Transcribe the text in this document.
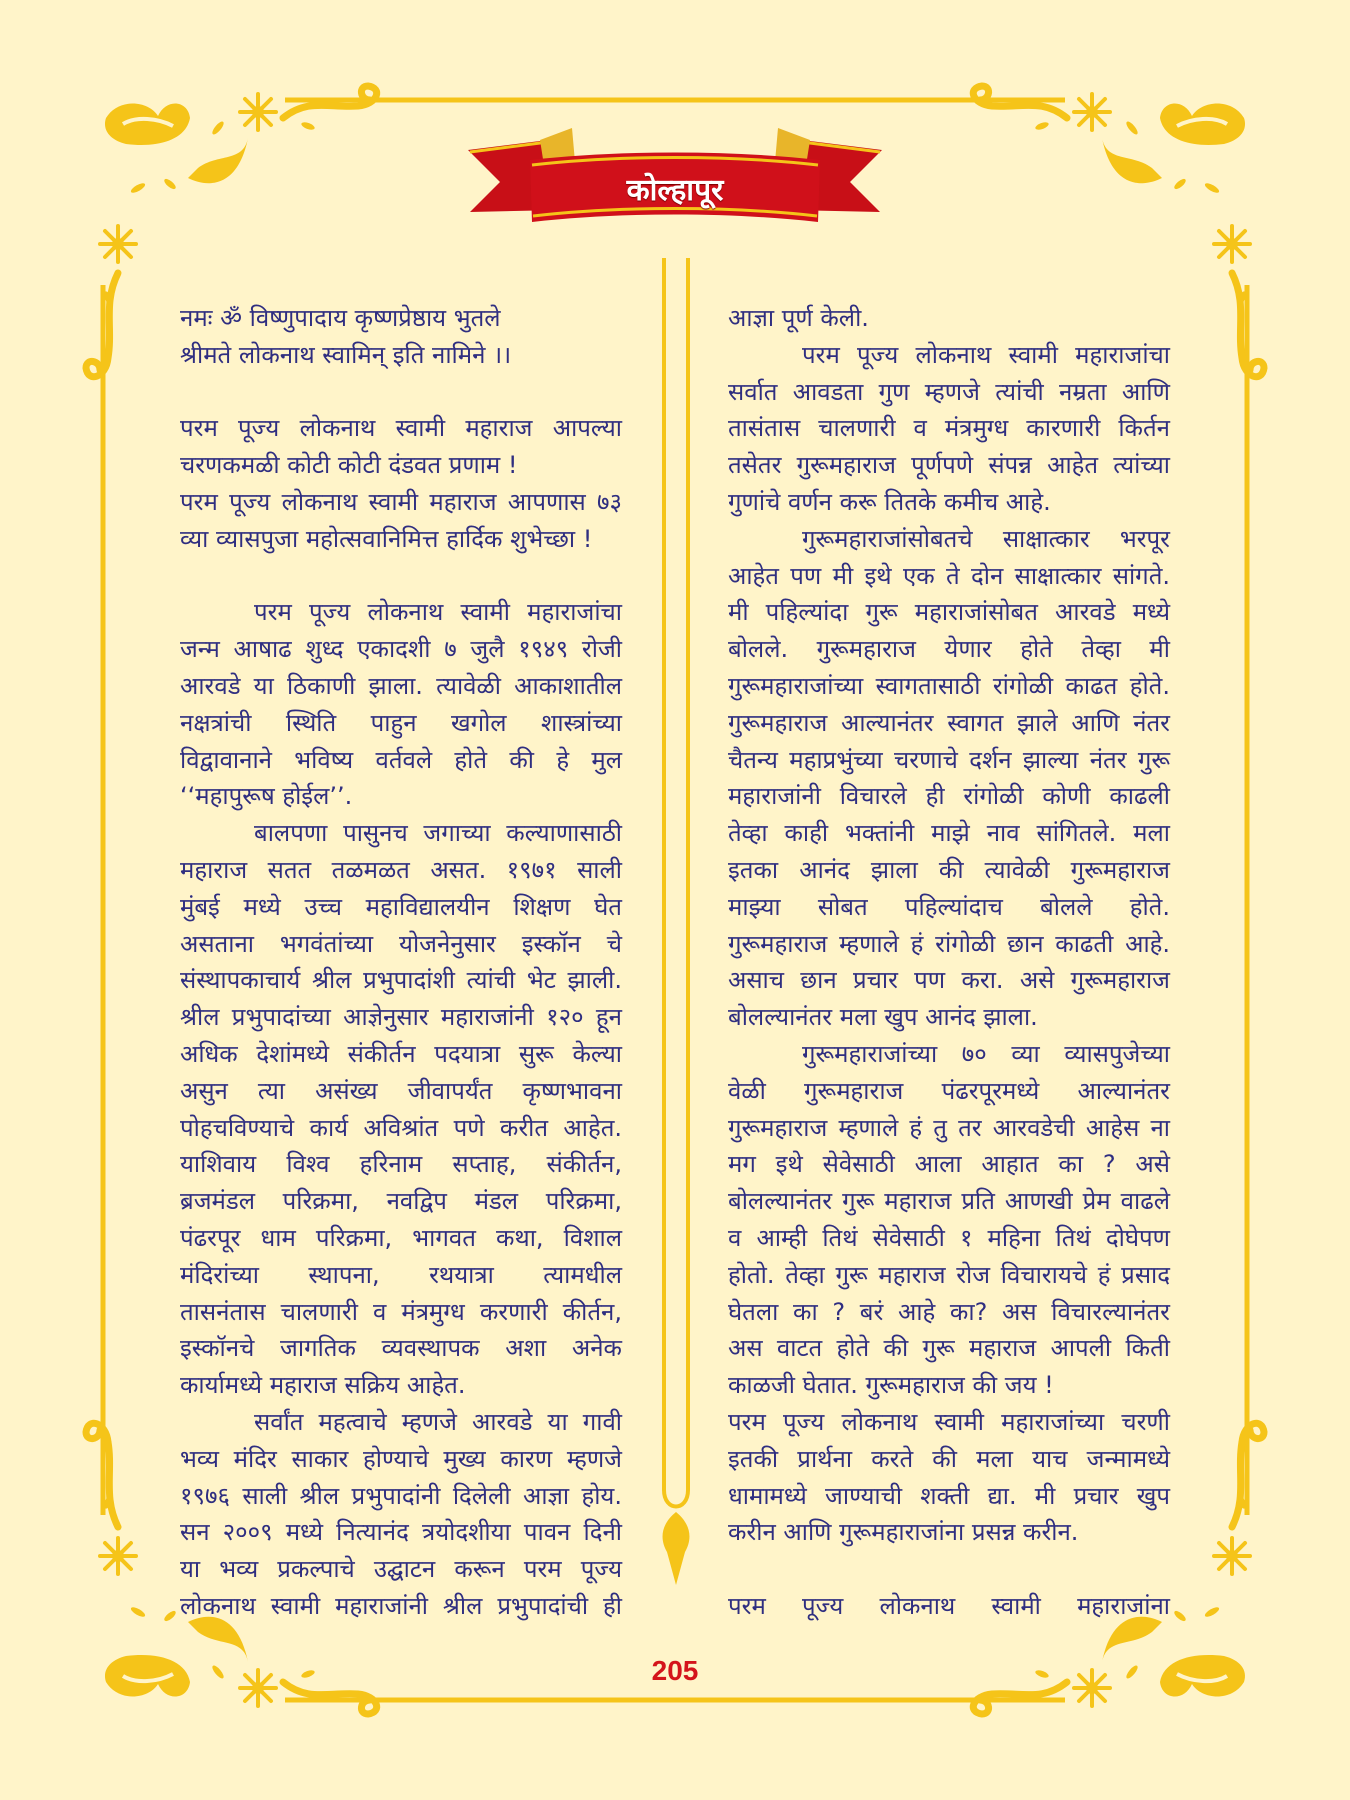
कोल्हापूर
नमः ॐ विष्णुपादाय कृष्णप्रेष्ठाय भुतले
श्रीमते लोकनाथ स्वामिन् इति नामिने ।।
परम पूज्य लोकनाथ स्वामी महाराज आपल्या
चरणकमळी कोटी कोटी दंडवत प्रणाम !
परम पूज्य लोकनाथ स्वामी महाराज आपणास ७३
व्या व्यासपुजा महोत्सवानिमित्त हार्दिक शुभेच्छा !
परम पूज्य लोकनाथ स्वामी महाराजांचा
जन्म आषाढ शुध्द एकादशी ७ जुलै १९४९ रोजी
आरवडे या ठिकाणी झाला. त्यावेळी आकाशातील
नक्षत्रांची स्थिति पाहुन खगोल शास्त्रांच्या
विद्वावानाने भविष्य वर्तवले होते की हे मुल
‘‘महापुरूष होईल’’.
बालपणा पासुनच जगाच्या कल्याणासाठी
महाराज सतत तळमळत असत. १९७१ साली
मुंबई मध्ये उच्च महाविद्यालयीन शिक्षण घेत
असताना भगवंतांच्या योजनेनुसार इस्कॉन चे
संस्थापकाचार्य श्रील प्रभुपादांशी त्यांची भेट झाली.
श्रील प्रभुपादांच्या आज्ञेनुसार महाराजांनी १२० हून
अधिक देशांमध्ये संकीर्तन पदयात्रा सुरू केल्या
असुन त्या असंख्य जीवापर्यंत कृष्णभावना
पोहचविण्याचे कार्य अविश्रांत पणे करीत आहेत.
याशिवाय विश्व हरिनाम सप्ताह, संकीर्तन,
ब्रजमंडल परिक्रमा, नवद्विप मंडल परिक्रमा,
पंढरपूर धाम परिक्रमा, भागवत कथा, विशाल
मंदिरांच्या स्थापना, रथयात्रा त्यामधील
तासनंतास चालणारी व मंत्रमुग्ध करणारी कीर्तन,
इस्कॉनचे जागतिक व्यवस्थापक अशा अनेक
कार्यामध्ये महाराज सक्रिय आहेत.
सर्वांत महत्वाचे म्हणजे आरवडे या गावी
भव्य मंदिर साकार होण्याचे मुख्य कारण म्हणजे
१९७६ साली श्रील प्रभुपादांनी दिलेली आज्ञा होय.
सन २००९ मध्ये नित्यानंद त्रयोदशीया पावन दिनी
या भव्य प्रकल्पाचे उद्घाटन करून परम पूज्य
लोकनाथ स्वामी महाराजांनी श्रील प्रभुपादांची ही
आज्ञा पूर्ण केली.
परम पूज्य लोकनाथ स्वामी महाराजांचा
सर्वात आवडता गुण म्हणजे त्यांची नम्रता आणि
तासंतास चालणारी व मंत्रमुग्ध कारणारी किर्तन
तसेतर गुरूमहाराज पूर्णपणे संपन्न आहेत त्यांच्या
गुणांचे वर्णन करू तितके कमीच आहे.
गुरूमहाराजांसोबतचे साक्षात्कार भरपूर
आहेत पण मी इथे एक ते दोन साक्षात्कार सांगते.
मी पहिल्यांदा गुरू महाराजांसोबत आरवडे मध्ये
बोलले. गुरूमहाराज येणार होते तेव्हा मी
गुरूमहाराजांच्या स्वागतासाठी रांगोळी काढत होते.
गुरूमहाराज आल्यानंतर स्वागत झाले आणि नंतर
चैतन्य महाप्रभुंच्या चरणाचे दर्शन झाल्या नंतर गुरू
महाराजांनी विचारले ही रांगोळी कोणी काढली
तेव्हा काही भक्तांनी माझे नाव सांगितले. मला
इतका आनंद झाला की त्यावेळी गुरूमहाराज
माझ्या सोबत पहिल्यांदाच बोलले होते.
गुरूमहाराज म्हणाले हं रांगोळी छान काढती आहे.
असाच छान प्रचार पण करा. असे गुरूमहाराज
बोलल्यानंतर मला खुप आनंद झाला.
गुरूमहाराजांच्या ७० व्या व्यासपुजेच्या
वेळी गुरूमहाराज पंढरपूरमध्ये आल्यानंतर
गुरूमहाराज म्हणाले हं तु तर आरवडेची आहेस ना
मग इथे सेवेसाठी आला आहात का ? असे
बोलल्यानंतर गुरू महाराज प्रति आणखी प्रेम वाढले
व आम्ही तिथं सेवेसाठी १ महिना तिथं दोघेपण
होतो. तेव्हा गुरू महाराज रोज विचारायचे हं प्रसाद
घेतला का ? बरं आहे का? अस विचारल्यानंतर
अस वाटत होते की गुरू महाराज आपली किती
काळजी घेतात. गुरूमहाराज की जय !
परम पूज्य लोकनाथ स्वामी महाराजांच्या चरणी
इतकी प्रार्थना करते की मला याच जन्मामध्ये
धामामध्ये जाण्याची शक्ती द्या. मी प्रचार खुप
करीन आणि गुरूमहाराजांना प्रसन्न करीन.
परम पूज्य लोकनाथ स्वामी महाराजांना
205
